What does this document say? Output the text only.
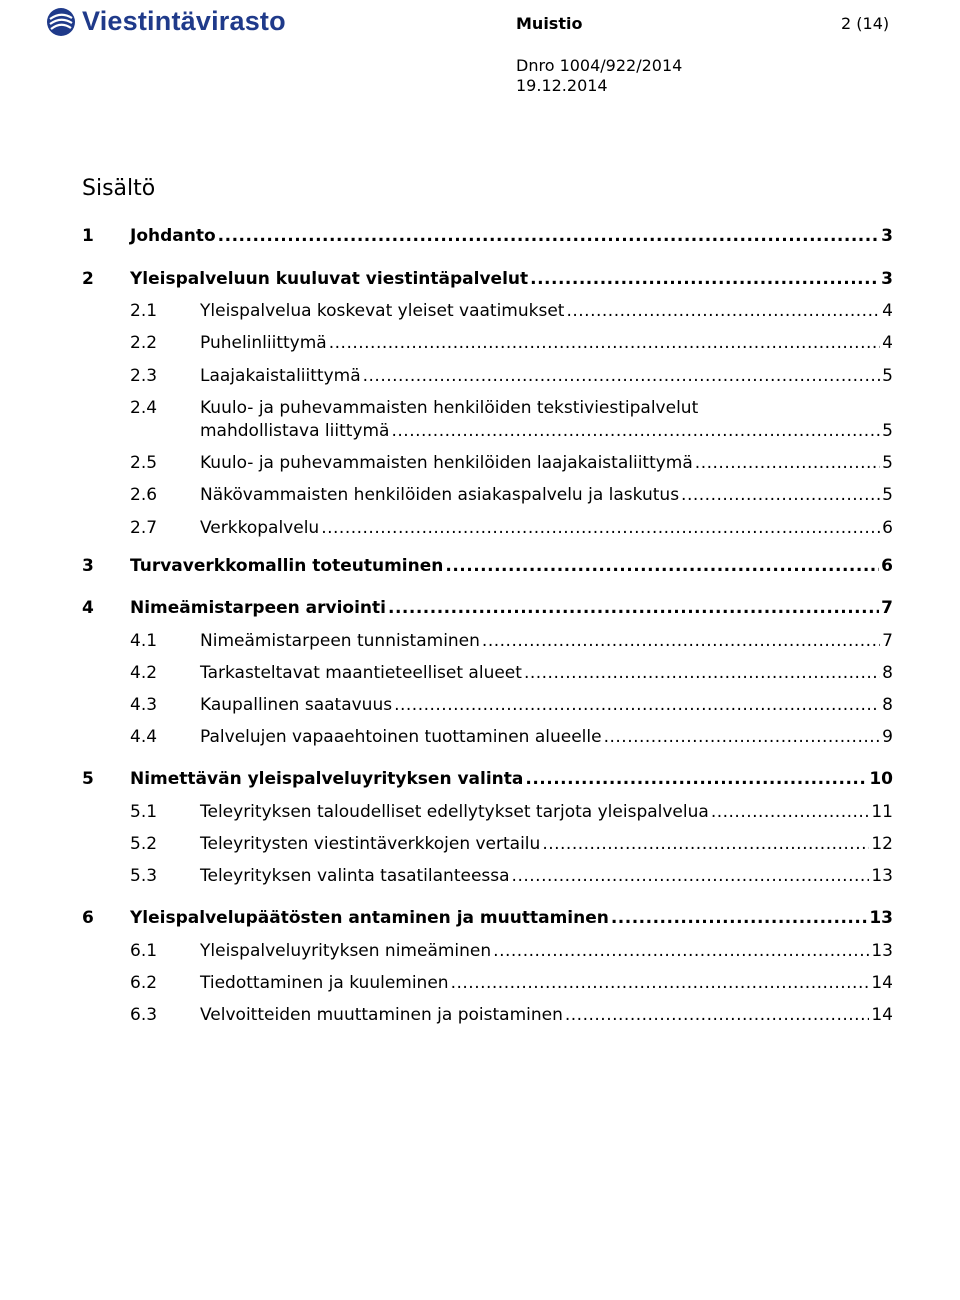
Viestintävirasto	Muistio	2 (14)
Dnro 1004/922/2014
19.12.2014
Sisältö
1 Johdanto .....	3
2 Yleispalveluun kuuluvat viestintäpalvelut .....	3
2.1	Yleispalvelua koskevat yleiset vaatimukset .....	4
2.2	Puhelinliittymä .....	4
2.3	Laajakaistaliittymä .....	5
2.4	Kuulo- ja puhevammaisten henkilöiden tekstiviestipalvelut
mahdollistava liittymä .....	5
2.5	Kuulo- ja puhevammaisten henkilöiden laajakaistaliittymä .....	5
2.6	Näkövammaisten henkilöiden asiakaspalvelu ja laskutus .....	5
2.7	Verkkopalvelu .....	6
3 Turvaverkkomallin toteutuminen .....	6
4 Nimeämistarpeen arviointi .....	7
4.1	Nimeämistarpeen tunnistaminen .....	7
4.2	Tarkasteltavat maantieteelliset alueet .....	8
4.3	Kaupallinen saatavuus .....	8
4.4	Palvelujen vapaaehtoinen tuottaminen alueelle .....	9
5 Nimettävän yleispalveluyrityksen valinta .....	10
5.1	Teleyrityksen taloudelliset edellytykset tarjota yleispalvelua .....	11
5.2	Teleyritysten viestintäverkkojen vertailu .....	12
5.3	Teleyrityksen valinta tasatilanteessa .....	13
6 Yleispalvelupäätösten antaminen ja muuttaminen .....	13
6.1	Yleispalveluyrityksen nimeäminen .....	13
6.2	Tiedottaminen ja kuuleminen .....	14
6.3	Velvoitteiden muuttaminen ja poistaminen .....	14
